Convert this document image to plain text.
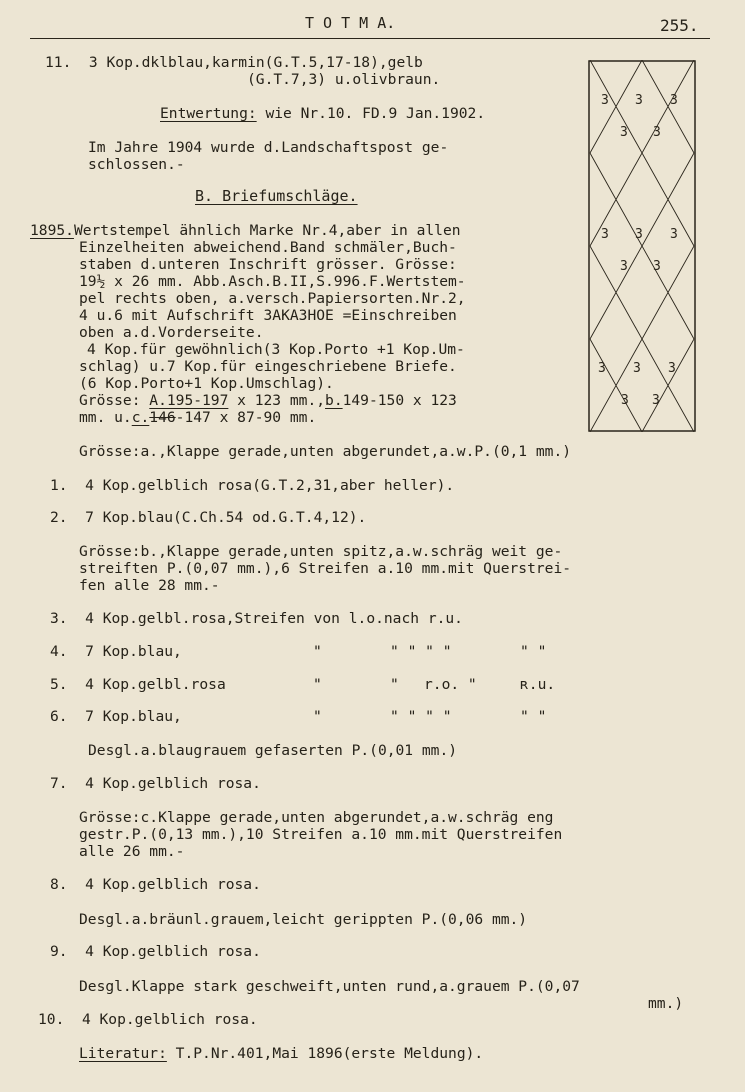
T O T M A.	255.
11.  3 Kop.dklblau,karmin(G.T.5,17-18),gelb
(G.T.7,3) u.olivbraun.
Entwertung: wie Nr.10. FD.9 Jan.1902.
Im Jahre 1904 wurde d.Landschaftspost ge-
schlossen.-
B. Briefumschläge.
1895.Wertstempel ähnlich Marke Nr.4,aber in allen
Einzelheiten abweichend.Band schmäler,Buch-
staben d.unteren Inschrift grösser. Grösse:
19½ x 26 mm. Abb.Asch.B.II,S.996.F.Wertstem-
pel rechts oben, a.versch.Papiersorten.Nr.2,
4 u.6 mit Aufschrift ЗАКАЗНОЕ =Einschreiben
oben a.d.Vorderseite.
4 Kop.für gewöhnlich(3 Kop.Porto +1 Kop.Um-
schlag) u.7 Kop.für eingeschriebene Briefe.
(6 Kop.Porto+1 Kop.Umschlag).
Grösse: A.195-197 x 123 mm.,b.149-150 x 123
mm. u.c.146-147 x 87-90 mm.
Grösse:a.,Klappe gerade,unten abgerundet,a.w.P.(0,1 mm.)
1. 4 Kop.gelblich rosa(G.T.2,31,aber heller).
2. 7 Kop.blau(C.Ch.54 od.G.T.4,12).
Grösse:b.,Klappe gerade,unten spitz,a.w.schräg weit ge-
streiften P.(0,07 mm.),6 Streifen a.10 mm.mit Querstrei-
fen alle 28 mm.-
3. 4 Kop.gelbl.rosa,Streifen von l.o.nach r.u.
4. 7 Kop.blau,	"	" " " "	" "
5. 4 Kop.gelbl.rosa	"	" r.o. "	ʀ.u.
6. 7 Kop.blau,	"	" " " "	" "
Desgl.a.blaugrauem gefaserten P.(0,01 mm.)
7. 4 Kop.gelblich rosa.
Grösse:c.Klappe gerade,unten abgerundet,a.w.schräg eng
gestr.P.(0,13 mm.),10 Streifen a.10 mm.mit Querstreifen
alle 26 mm.-
8. 4 Kop.gelblich rosa.
Desgl.a.bräunl.grauem,leicht gerippten P.(0,06 mm.)
9. 4 Kop.gelblich rosa.
Desgl.Klappe stark geschweift,unten rund,a.grauem P.(0,07
mm.)
10. 4 Kop.gelblich rosa.
Literatur: T.P.Nr.401,Mai 1896(erste Meldung).
3 3 3
3 3
3 3 3
3 3
3 3 3
3 3
